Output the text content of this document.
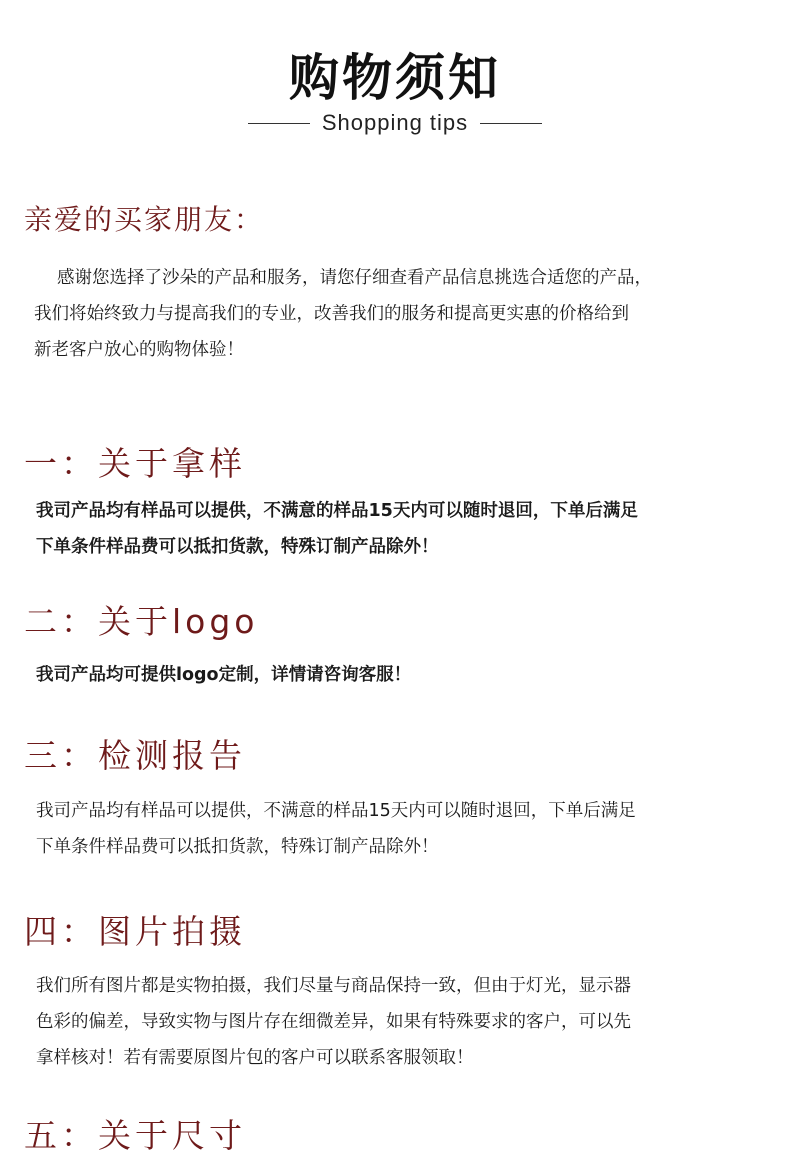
购物须知
Shopping tips
亲爱的买家朋友：

感谢您选择了沙朵的产品和服务，请您仔细查看产品信息挑选合适您的产品，

我们将始终致力与提高我们的专业，改善我们的服务和提高更实惠的价格给到

新老客户放心的购物体验！

一：关于拿样

我司产品均有样品可以提供，不满意的样品15天内可以随时退回，下单后满足

下单条件样品费可以抵扣货款，特殊订制产品除外！

二：关于logo

我司产品均可提供logo定制，详情请咨询客服！

三：检测报告

我司产品均有样品可以提供，不满意的样品15天内可以随时退回，下单后满足

下单条件样品费可以抵扣货款，特殊订制产品除外！

四：图片拍摄

我们所有图片都是实物拍摄，我们尽量与商品保持一致，但由于灯光，显示器

色彩的偏差，导致实物与图片存在细微差异，如果有特殊要求的客户，可以先

拿样核对！若有需要原图片包的客户可以联系客服领取！

五：关于尺寸
